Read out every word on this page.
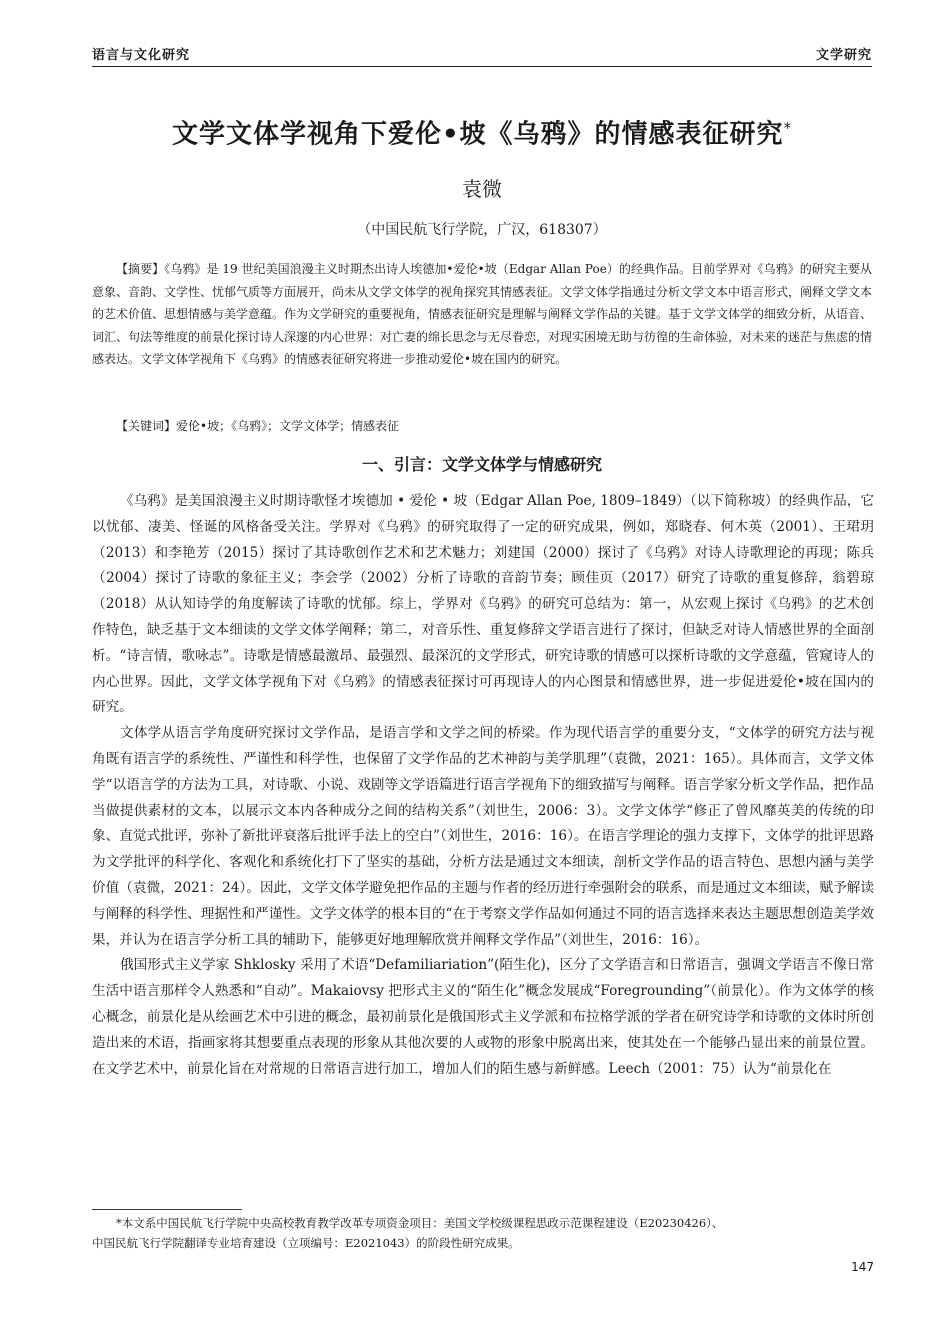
语言与文化研究	文学研究
文学文体学视角下爱伦•坡《乌鸦》的情感表征研究*
袁微
（中国民航飞行学院，广汉，618307）

【摘要】《乌鸦》是 19 世纪美国浪漫主义时期杰出诗人埃德加•爱伦•坡（Edgar Allan Poe）的经典作品。目前学界对《乌鸦》的研究主要从意象、音韵、文学性、忧郁气质等方面展开，尚未从文学文体学的视角探究其情感表征。文学文体学指通过分析文学文本中语言形式，阐释文学文本的艺术价值、思想情感与美学意蕴。作为文学研究的重要视角，情感表征研究是理解与阐释文学作品的关键。基于文学文体学的细致分析，从语音、词汇、句法等维度的前景化探讨诗人深邃的内心世界：对亡妻的绵长思念与无尽眷恋，对现实困境无助与彷徨的生命体验，对未来的迷茫与焦虑的情感表达。文学文体学视角下《乌鸦》的情感表征研究将进一步推动爱伦•坡在国内的研究。

【关键词】爱伦•坡；《乌鸦》；文学文体学；情感表征

一、引言：文学文体学与情感研究

《乌鸦》是美国浪漫主义时期诗歌怪才埃德加 • 爱伦 • 坡（Edgar Allan Poe, 1809–1849）（以下简称坡）的经典作品，它以忧郁、凄美、怪诞的风格备受关注。学界对《乌鸦》的研究取得了一定的研究成果，例如，郑晓春、何木英（2001）、王珺玥（2013）和李艳芳（2015）探讨了其诗歌创作艺术和艺术魅力；刘建国（2000）探讨了《乌鸦》对诗人诗歌理论的再现；陈兵（2004）探讨了诗歌的象征主义；李会学（2002）分析了诗歌的音韵节奏；顾佳页（2017）研究了诗歌的重复修辞，翁碧琼（2018）从认知诗学的角度解读了诗歌的忧郁。综上，学界对《乌鸦》的研究可总结为：第一，从宏观上探讨《乌鸦》的艺术创作特色，缺乏基于文本细读的文学文体学阐释；第二，对音乐性、重复修辞文学语言进行了探讨，但缺乏对诗人情感世界的全面剖析。“诗言情，歌咏志”。诗歌是情感最激昂、最强烈、最深沉的文学形式，研究诗歌的情感可以探析诗歌的文学意蕴，管窥诗人的内心世界。因此，文学文体学视角下对《乌鸦》的情感表征探讨可再现诗人的内心图景和情感世界，进一步促进爱伦•坡在国内的研究。

文体学从语言学角度研究探讨文学作品，是语言学和文学之间的桥梁。作为现代语言学的重要分支，“文体学的研究方法与视角既有语言学的系统性、严谨性和科学性，也保留了文学作品的艺术神韵与美学肌理”（袁微，2021：165）。具体而言，文学文体学“以语言学的方法为工具，对诗歌、小说、戏剧等文学语篇进行语言学视角下的细致描写与阐释。语言学家分析文学作品，把作品当做提供素材的文本，以展示文本内各种成分之间的结构关系”（刘世生，2006：3）。文学文体学“修正了曾风靡英美的传统的印象、直觉式批评，弥补了新批评衰落后批评手法上的空白”（刘世生，2016：16）。在语言学理论的强力支撑下，文体学的批评思路为文学批评的科学化、客观化和系统化打下了坚实的基础，分析方法是通过文本细读，剖析文学作品的语言特色、思想内涵与美学价值（袁微，2021：24）。因此，文学文体学避免把作品的主题与作者的经历进行牵强附会的联系，而是通过文本细读，赋予解读与阐释的科学性、理据性和严谨性。文学文体学的根本目的“在于考察文学作品如何通过不同的语言选择来表达主题思想创造美学效果，并认为在语言学分析工具的辅助下，能够更好地理解欣赏并阐释文学作品”（刘世生，2016：16）。

俄国形式主义学家 Shklosky 采用了术语“Defamiliariation”(陌生化)，区分了文学语言和日常语言，强调文学语言不像日常生活中语言那样令人熟悉和“自动”。Makaiovsy 把形式主义的“陌生化”概念发展成“Foregrounding”（前景化）。作为文体学的核心概念，前景化是从绘画艺术中引进的概念，最初前景化是俄国形式主义学派和布拉格学派的学者在研究诗学和诗歌的文体时所创造出来的术语，指画家将其想要重点表现的形象从其他次要的人或物的形象中脱离出来，使其处在一个能够凸显出来的前景位置。在文学艺术中，前景化旨在对常规的日常语言进行加工，增加人们的陌生感与新鲜感。Leech（2001：75）认为“前景化在

*本文系中国民航飞行学院中央高校教育教学改革专项资金项目：美国文学校级课程思政示范课程建设（E20230426）、
中国民航飞行学院翻译专业培育建设（立项编号：E2021043）的阶段性研究成果。

147
